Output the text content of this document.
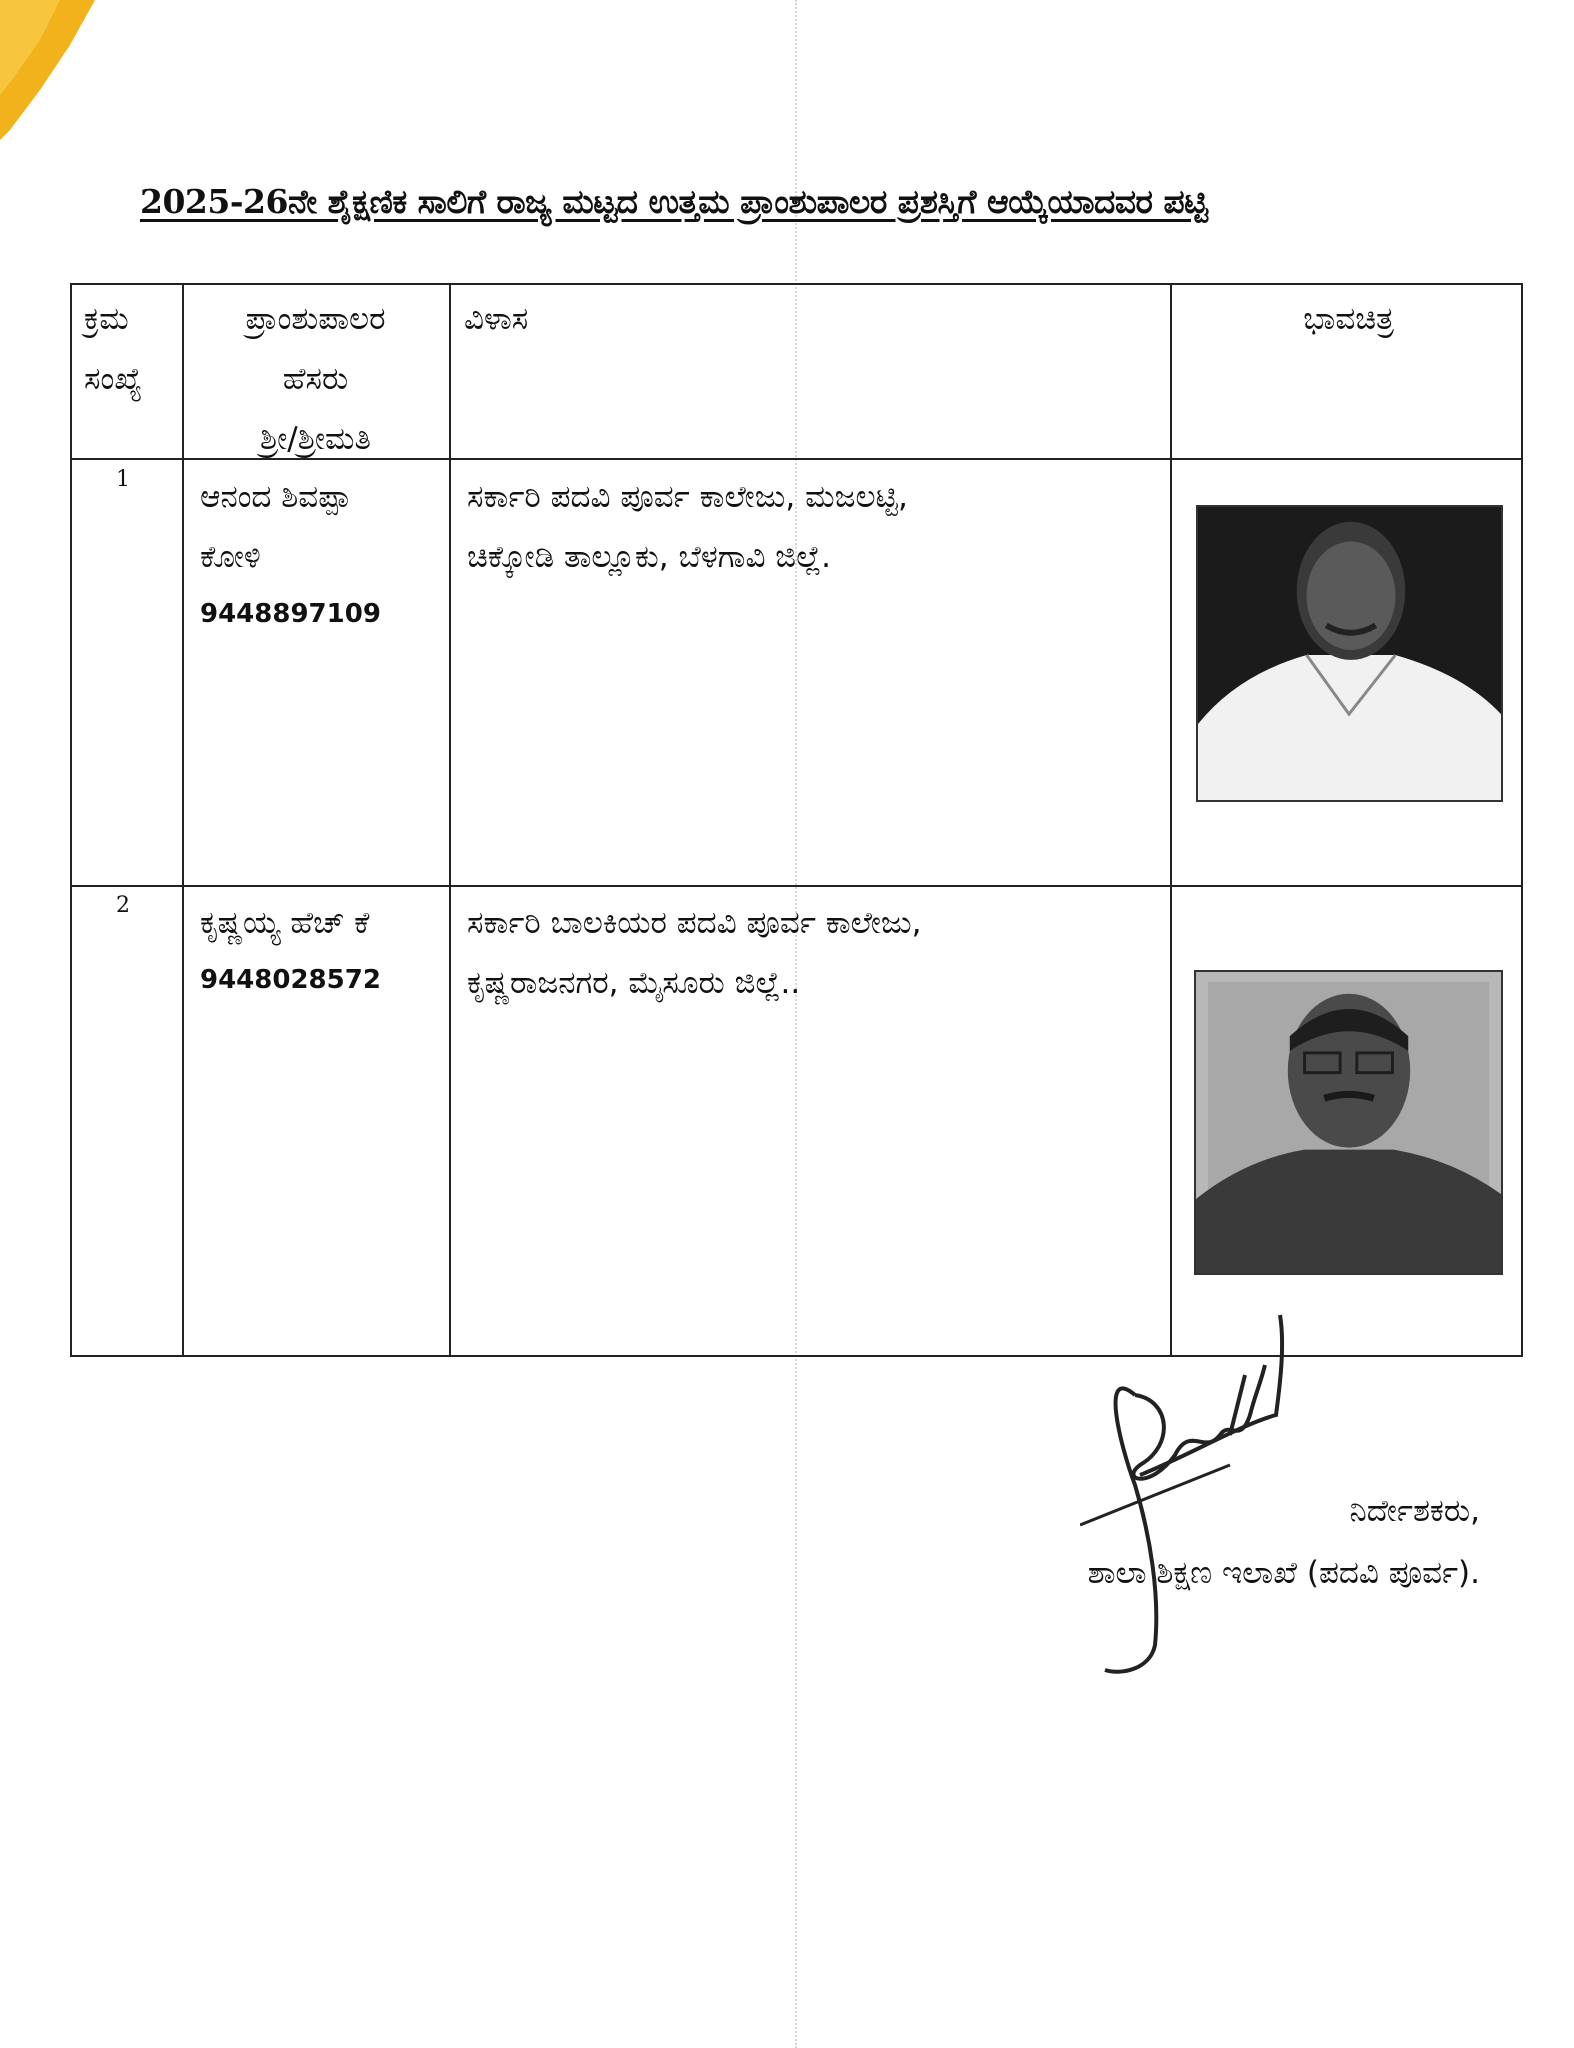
2025-26ನೇ ಶೈಕ್ಷಣಿಕ ಸಾಲಿಗೆ ರಾಜ್ಯ ಮಟ್ಟದ ಉತ್ತಮ ಪ್ರಾಂಶುಪಾಲರ ಪ್ರಶಸ್ತಿಗೆ ಆಯ್ಕೆಯಾದವರ ಪಟ್ಟಿ

ಕ್ರಮ

ಸಂಖ್ಯೆ

ಪ್ರಾಂಶುಪಾಲರ

ಹೆಸರು

ಶ್ರೀ/ಶ್ರೀಮತಿ

ವಿಳಾಸ	ಭಾವಚಿತ್ರ
1 ಆನಂದ ಶಿವಪ್ಪಾ

ಕೋಳಿ

9448897109

ಸರ್ಕಾರಿ ಪದವಿ ಪೂರ್ವ ಕಾಲೇಜು, ಮಜಲಟ್ಟಿ,

ಚಿಕ್ಕೋಡಿ ತಾಲ್ಲೂಕು, ಬೆಳಗಾವಿ ಜಿಲ್ಲೆ.

2 ಕೃಷ್ಣಯ್ಯ ಹೆಚ್ ಕೆ

9448028572

ಸರ್ಕಾರಿ ಬಾಲಕಿಯರ ಪದವಿ ಪೂರ್ವ ಕಾಲೇಜು,

ಕೃಷ್ಣರಾಜನಗರ, ಮೈಸೂರು ಜಿಲ್ಲೆ..

ನಿರ್ದೇಶಕರು,

ಶಾಲಾ ಶಿಕ್ಷಣ ಇಲಾಖೆ (ಪದವಿ ಪೂರ್ವ).
